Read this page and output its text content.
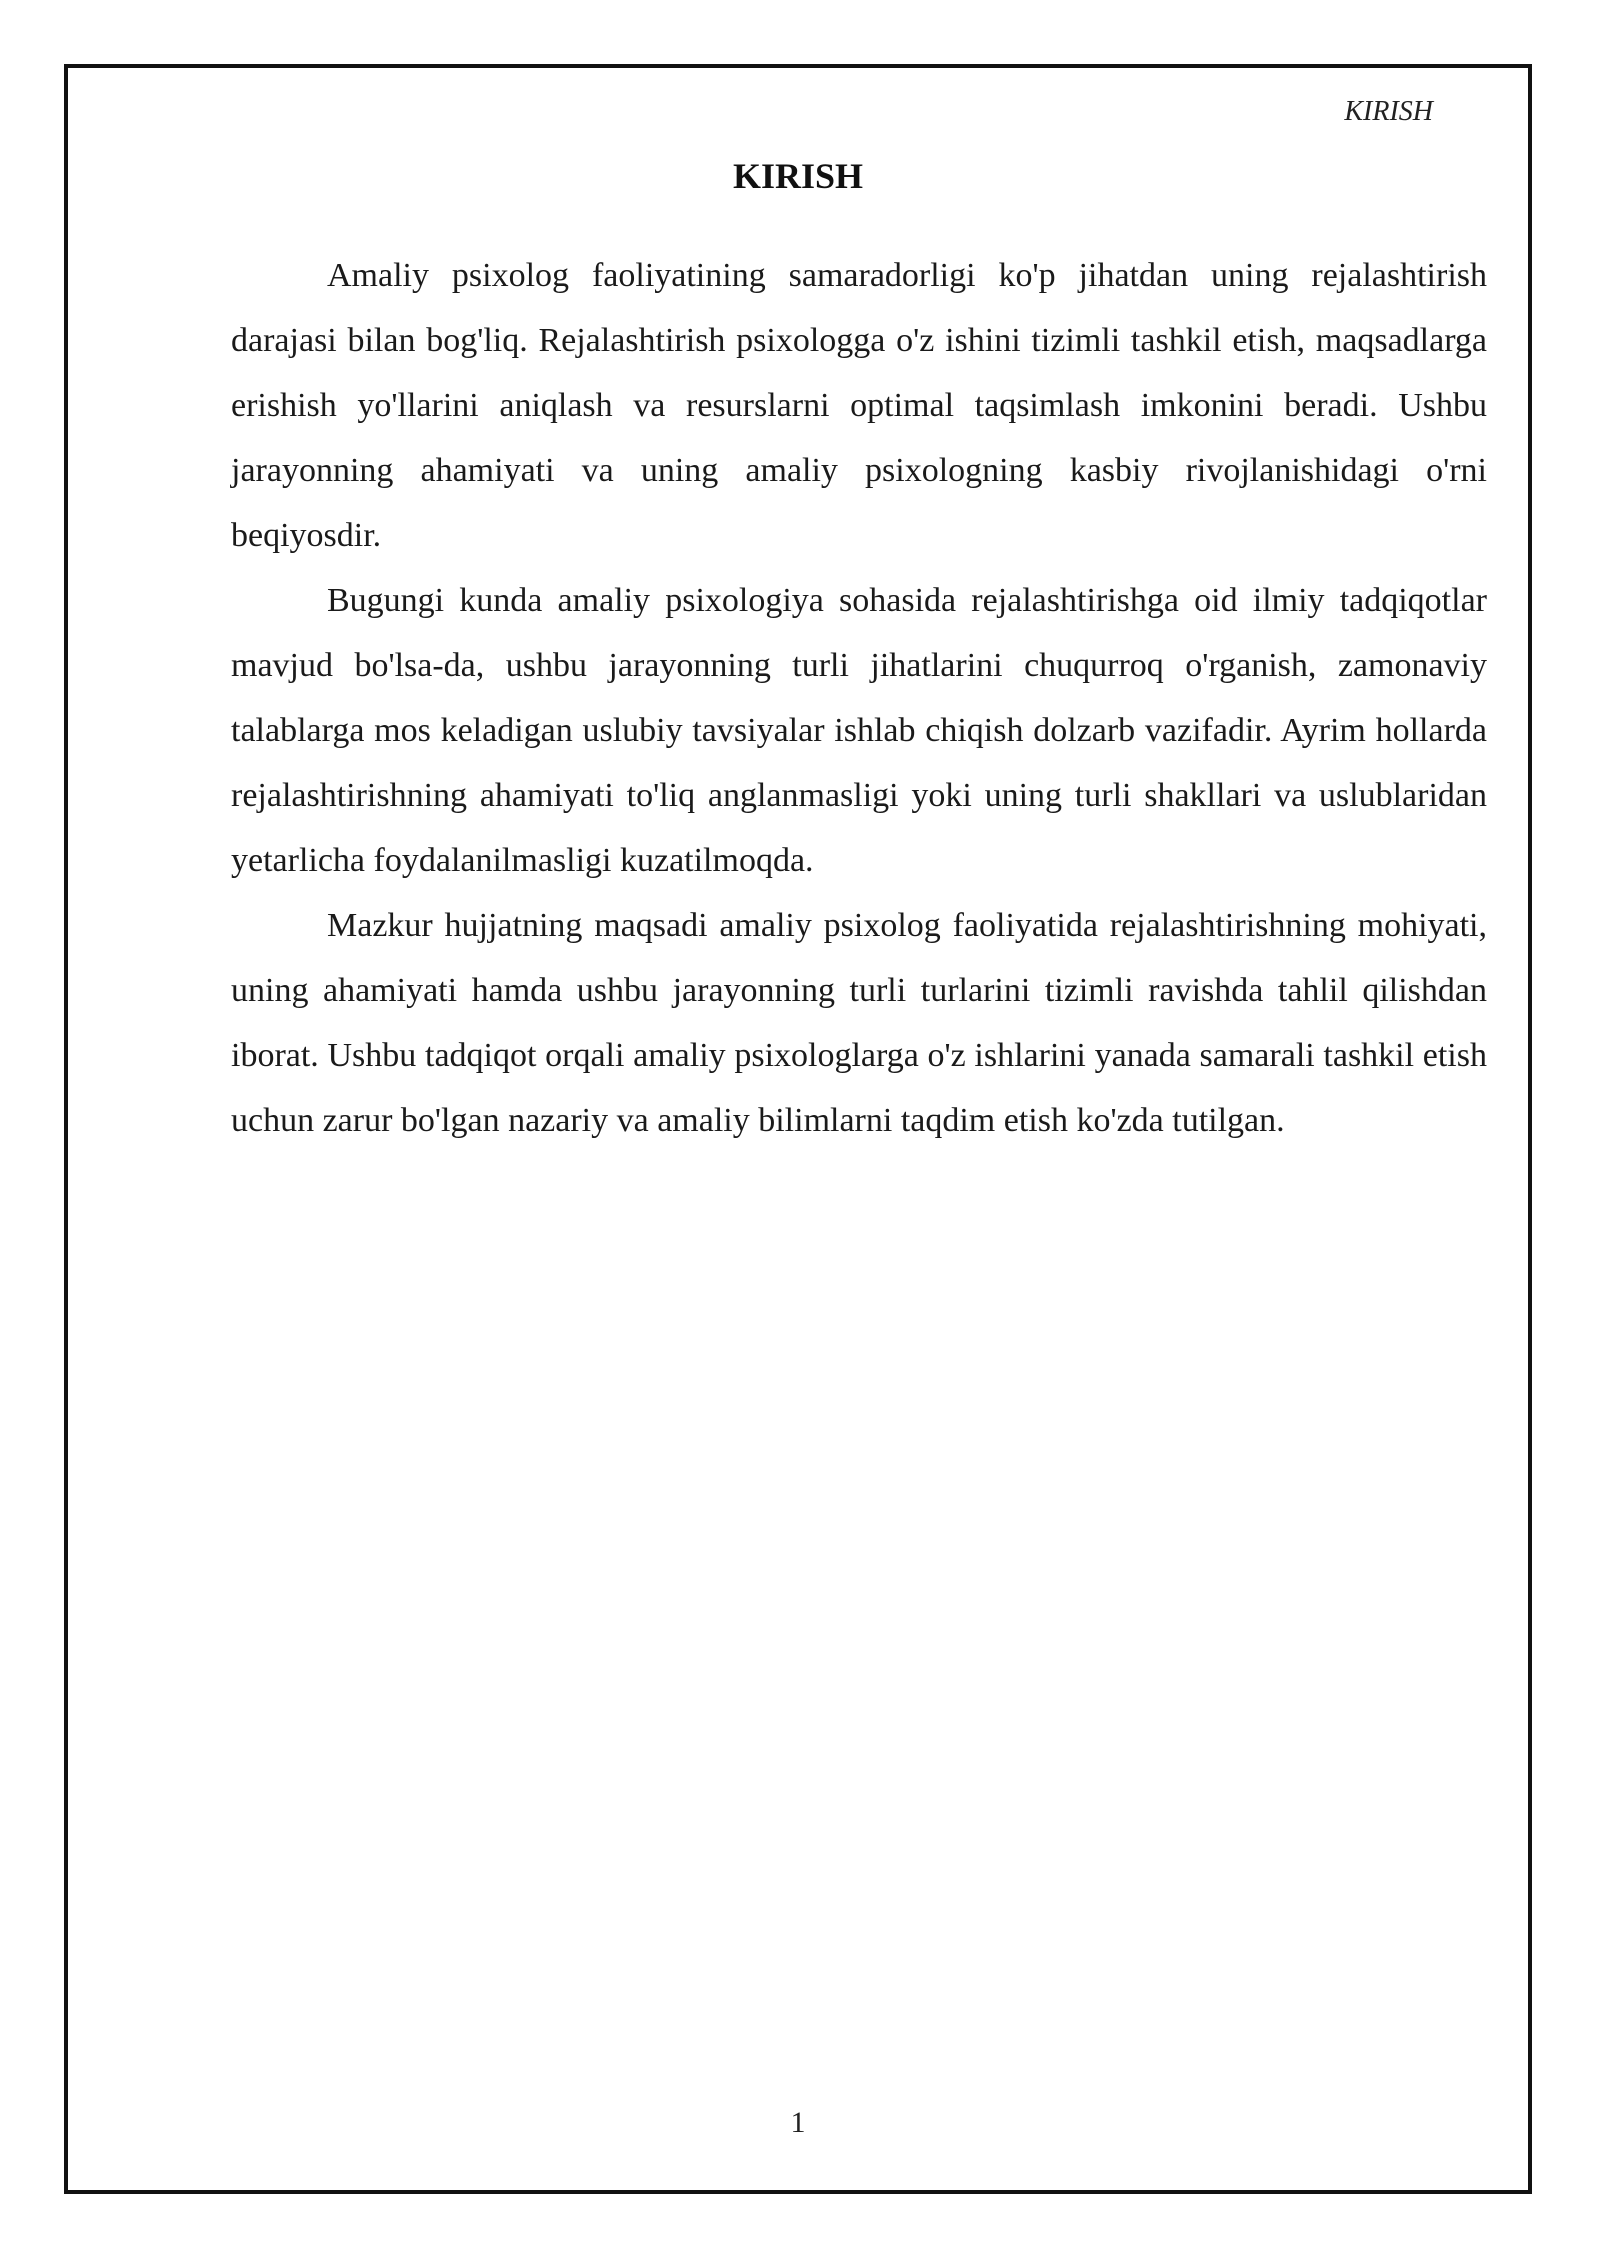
KIRISH
KIRISH

Amaliy psixolog faoliyatining samaradorligi ko'p jihatdan uning rejalashtirish darajasi bilan bog'liq. Rejalashtirish psixologga o'z ishini tizimli tashkil etish, maqsadlarga erishish yo'llarini aniqlash va resurslarni optimal taqsimlash imkonini beradi. Ushbu jarayonning ahamiyati va uning amaliy psixologning kasbiy rivojlanishidagi o'rni beqiyosdir.

Bugungi kunda amaliy psixologiya sohasida rejalashtirishga oid ilmiy tadqiqotlar mavjud bo'lsa-da, ushbu jarayonning turli jihatlarini chuqurroq o'rganish, zamonaviy talablarga mos keladigan uslubiy tavsiyalar ishlab chiqish dolzarb vazifadir. Ayrim hollarda rejalashtirishning ahamiyati to'liq anglanmasligi yoki uning turli shakllari va uslublaridan yetarlicha foydalanilmasligi kuzatilmoqda.

Mazkur hujjatning maqsadi amaliy psixolog faoliyatida rejalashtirishning mohiyati, uning ahamiyati hamda ushbu jarayonning turli turlarini tizimli ravishda tahlil qilishdan iborat. Ushbu tadqiqot orqali amaliy psixologlarga o'z ishlarini yanada samarali tashkil etish uchun zarur bo'lgan nazariy va amaliy bilimlarni taqdim etish ko'zda tutilgan.

1
